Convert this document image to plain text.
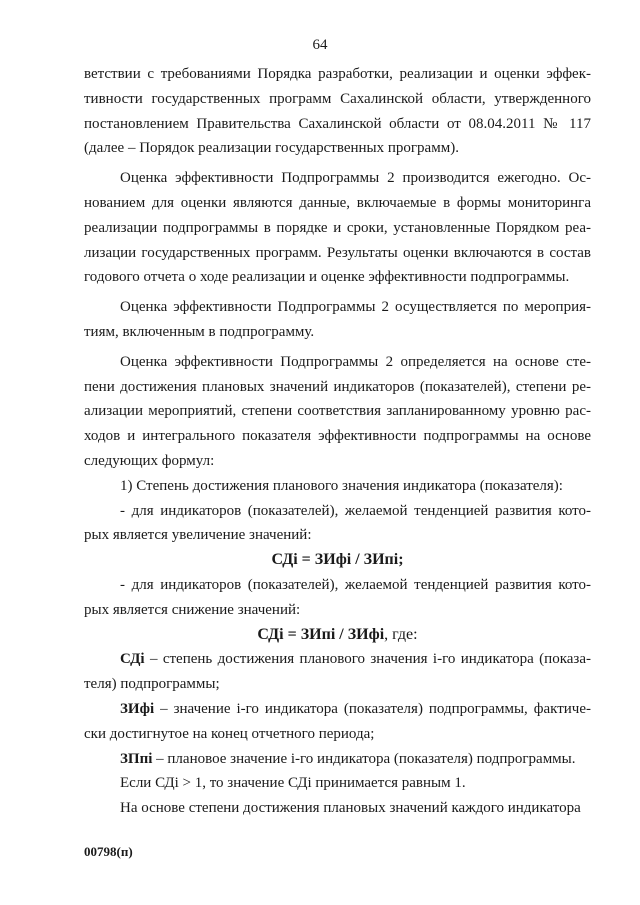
64
ветствии с требованиями Порядка разработки, реализации и оценки эффек-
тивности государственных программ Сахалинской области, утвержденного
постановлением Правительства Сахалинской области от 08.04.2011 № 117
(далее – Порядок реализации государственных программ).
Оценка эффективности Подпрограммы 2 производится ежегодно. Ос-
нованием для оценки являются данные, включаемые в формы мониторинга
реализации подпрограммы в порядке и сроки, установленные Порядком реа-
лизации государственных программ. Результаты оценки включаются в состав
годового отчета о ходе реализации и оценке эффективности подпрограммы.
Оценка эффективности Подпрограммы 2 осуществляется по мероприя-
тиям, включенным в подпрограмму.
Оценка эффективности Подпрограммы 2 определяется на основе сте-
пени достижения плановых значений индикаторов (показателей), степени ре-
ализации мероприятий, степени соответствия запланированному уровню рас-
ходов и интегрального показателя эффективности подпрограммы на основе
следующих формул:
1) Степень достижения планового значения индикатора (показателя):
- для индикаторов (показателей), желаемой тенденцией развития кото-
рых является увеличение значений:
СДi = ЗИфi / ЗИпi;
- для индикаторов (показателей), желаемой тенденцией развития кото-
рых является снижение значений:
СДi = ЗИпi / ЗИфi, где:
СДi – степень достижения планового значения i-го индикатора (показа-
теля) подпрограммы;
ЗИфi – значение i-го индикатора (показателя) подпрограммы, фактиче-
ски достигнутое на конец отчетного периода;
ЗПпi – плановое значение i-го индикатора (показателя) подпрограммы.
Если СДi > 1, то значение СДi принимается равным 1.
На основе степени достижения плановых значений каждого индикатора
00798(п)
